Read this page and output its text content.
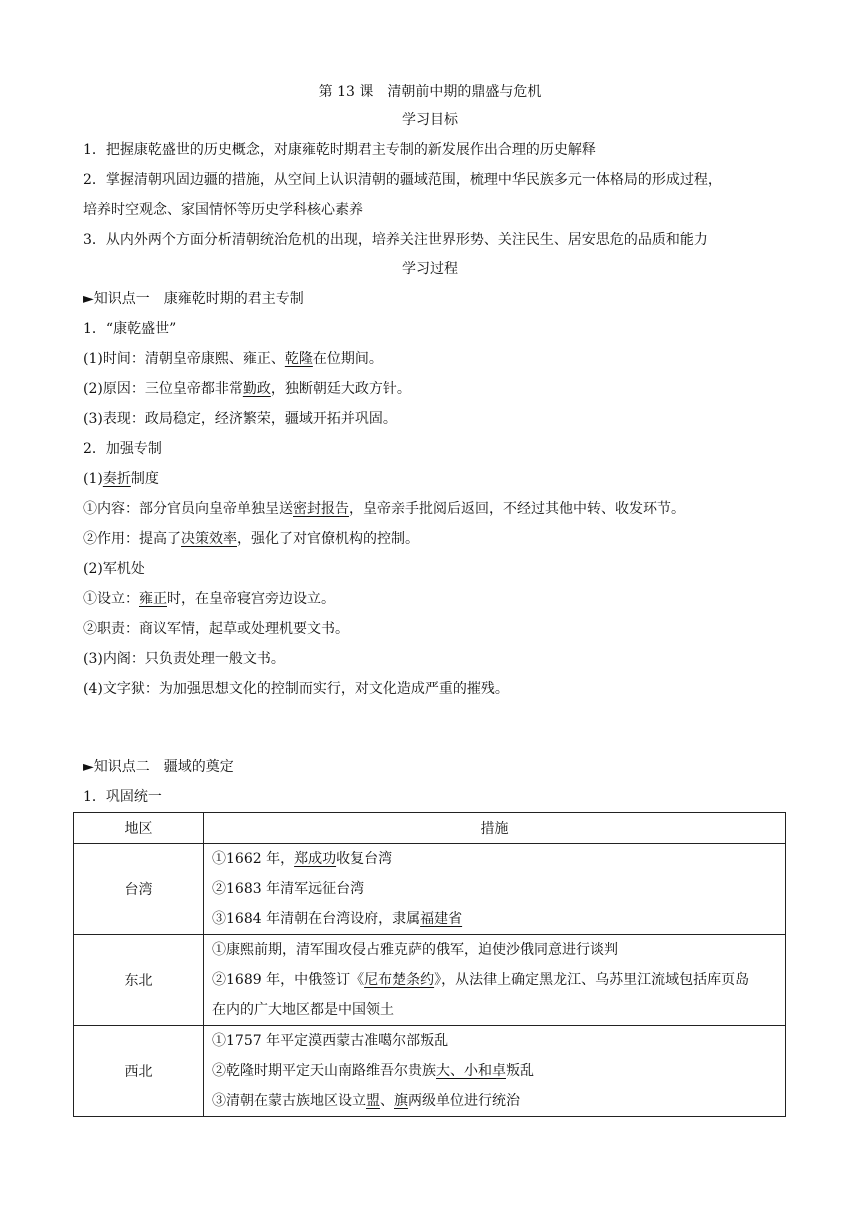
第 13 课　清朝前中期的鼎盛与危机
学习目标
1．把握康乾盛世的历史概念，对康雍乾时期君主专制的新发展作出合理的历史解释
2．掌握清朝巩固边疆的措施，从空间上认识清朝的疆域范围，梳理中华民族多元一体格局的形成过程，
培养时空观念、家国情怀等历史学科核心素养
3．从内外两个方面分析清朝统治危机的出现，培养关注世界形势、关注民生、居安思危的品质和能力
学习过程
►知识点一　康雍乾时期的君主专制
1．“康乾盛世”
(1)时间：清朝皇帝康熙、雍正、乾隆在位期间。
(2)原因：三位皇帝都非常勤政，独断朝廷大政方针。
(3)表现：政局稳定，经济繁荣，疆域开拓并巩固。
2．加强专制
(1)奏折制度
①内容：部分官员向皇帝单独呈送密封报告，皇帝亲手批阅后返回，不经过其他中转、收发环节。
②作用：提高了决策效率，强化了对官僚机构的控制。
(2)军机处
①设立：雍正时，在皇帝寝宫旁边设立。
②职责：商议军情，起草或处理机要文书。
(3)内阁：只负责处理一般文书。
(4)文字狱：为加强思想文化的控制而实行，对文化造成严重的摧残。
►知识点二　疆域的奠定
1．巩固统一
地区	措施
台湾	①1662 年，郑成功收复台湾
②1683 年清军远征台湾
③1684 年清朝在台湾设府，隶属福建省

东北	①康熙前期，清军围攻侵占雅克萨的俄军，迫使沙俄同意进行谈判
②1689 年，中俄签订《尼布楚条约》，从法律上确定黑龙江、乌苏里江流域包括库页岛
在内的广大地区都是中国领土

西北	①1757 年平定漠西蒙古准噶尔部叛乱
②乾隆时期平定天山南路维吾尔贵族大、小和卓叛乱
③清朝在蒙古族地区设立盟、旗两级单位进行统治
